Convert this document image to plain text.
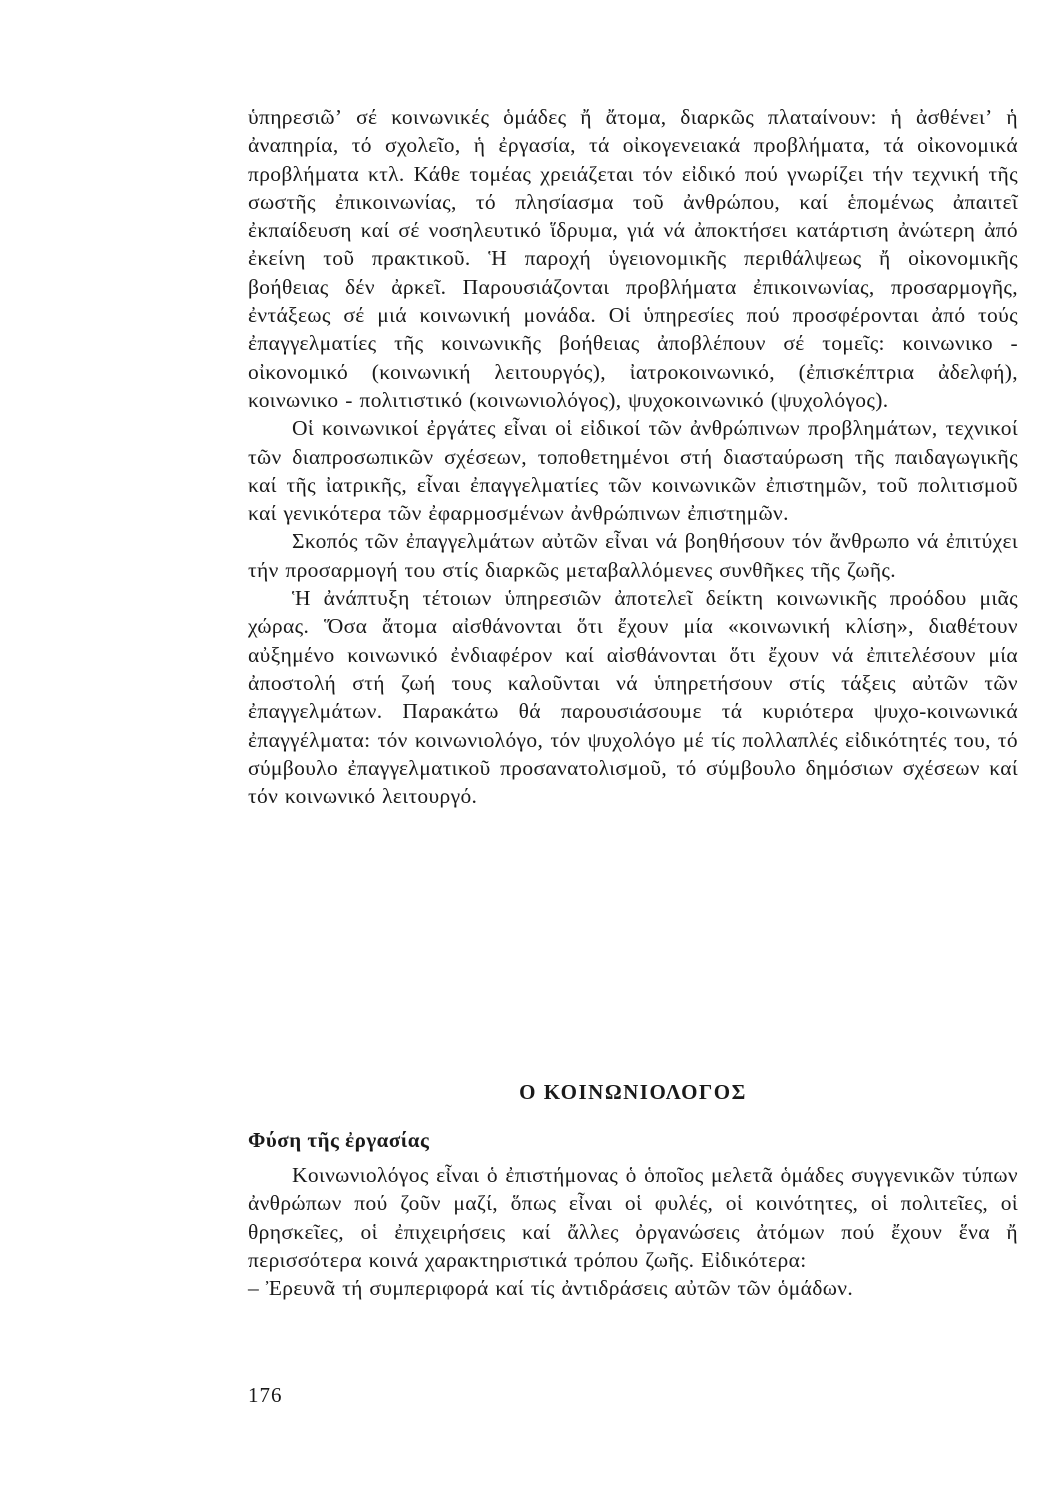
ὑπηρεσιῶʼ σέ κοινωνικές ὁμάδες ἤ ἄτομα, διαρκῶς πλαταίνουν: ἡ ἀσθένειʼ ἡ ἀναπηρία, τό σχολεῖο, ἡ ἐργασία, τά οἰκογενειακά προβλήματα, τά οἰκονομικά προβλήματα κτλ. Κάθε τομέας χρειάζεται τόν εἰδικό πού γνωρίζει τήν τεχνική τῆς σωστῆς ἐπικοινωνίας, τό πλησίασμα τοῦ ἀνθρώπου, καί ἑπομένως ἀπαιτεῖ ἐκπαίδευση καί σέ νοσηλευτικό ἵδρυμα, γιά νά ἀποκτήσει κατάρτιση ἀνώτερη ἀπό ἐκείνη τοῦ πρακτικοῦ. Ἡ παροχή ὑγειονομικῆς περιθάλψεως ἤ οἰκονομικῆς βοήθειας δέν ἀρκεῖ. Παρουσιάζονται προβλήματα ἐπικοινωνίας, προσαρμογῆς, ἐντάξεως σέ μιά κοινωνική μονάδα. Οἱ ὑπηρεσίες πού προσφέρονται ἀπό τούς ἐπαγγελματίες τῆς κοινωνικῆς βοήθειας ἀποβλέπουν σέ τομεῖς: κοινωνικο - οἰκονομικό (κοινωνική λειτουργός), ἰατροκοινωνικό, (ἐπισκέπτρια ἀδελφή), κοινωνικο - πολιτιστικό (κοινωνιολόγος), ψυχοκοινωνικό (ψυχολόγος).

Οἱ κοινωνικοί ἐργάτες εἶναι οἱ εἰδικοί τῶν ἀνθρώπινων προβλημάτων, τεχνικοί τῶν διαπροσωπικῶν σχέσεων, τοποθετημένοι στή διασταύρωση τῆς παιδαγωγικῆς καί τῆς ἰατρικῆς, εἶναι ἐπαγγελματίες τῶν κοινωνικῶν ἐπιστημῶν, τοῦ πολιτισμοῦ καί γενικότερα τῶν ἐφαρμοσμένων ἀνθρώπινων ἐπιστημῶν.

Σκοπός τῶν ἐπαγγελμάτων αὐτῶν εἶναι νά βοηθήσουν τόν ἄνθρωπο νά ἐπιτύχει τήν προσαρμογή του στίς διαρκῶς μεταβαλλόμενες συνθῆκες τῆς ζωῆς.

Ἡ ἀνάπτυξη τέτοιων ὑπηρεσιῶν ἀποτελεῖ δείκτη κοινωνικῆς προόδου μιᾶς χώρας. Ὅσα ἄτομα αἰσθάνονται ὅτι ἔχουν μία «κοινωνική κλίση», διαθέτουν αὐξημένο κοινωνικό ἐνδιαφέρον καί αἰσθάνονται ὅτι ἔχουν νά ἐπιτελέσουν μία ἀποστολή στή ζωή τους καλοῦνται νά ὑπηρετήσουν στίς τάξεις αὐτῶν τῶν ἐπαγγελμάτων. Παρακάτω θά παρουσιάσουμε τά κυριότερα ψυχο-κοινωνικά ἐπαγγέλματα: τόν κοινωνιολόγο, τόν ψυχολόγο μέ τίς πολλαπλές εἰδικότητές του, τό σύμβουλο ἐπαγγελματικοῦ προσανατολισμοῦ, τό σύμβουλο δημόσιων σχέσεων καί τόν κοινωνικό λειτουργό.

Ο ΚΟΙΝΩΝΙΟΛΟΓΟΣ
Φύση τῆς ἐργασίας

Κοινωνιολόγος εἶναι ὁ ἐπιστήμονας ὁ ὁποῖος μελετᾶ ὁμάδες συγγενικῶν τύπων ἀνθρώπων πού ζοῦν μαζί, ὅπως εἶναι οἱ φυλές, οἱ κοινότητες, οἱ πολιτεῖες, οἱ θρησκεῖες, οἱ ἐπιχειρήσεις καί ἄλλες ὀργανώσεις ἀτόμων πού ἔχουν ἕνα ἤ περισσότερα κοινά χαρακτηριστικά τρόπου ζωῆς. Εἰδικότερα:

– Ἐρευνᾶ τή συμπεριφορά καί τίς ἀντιδράσεις αὐτῶν τῶν ὁμάδων.

176
